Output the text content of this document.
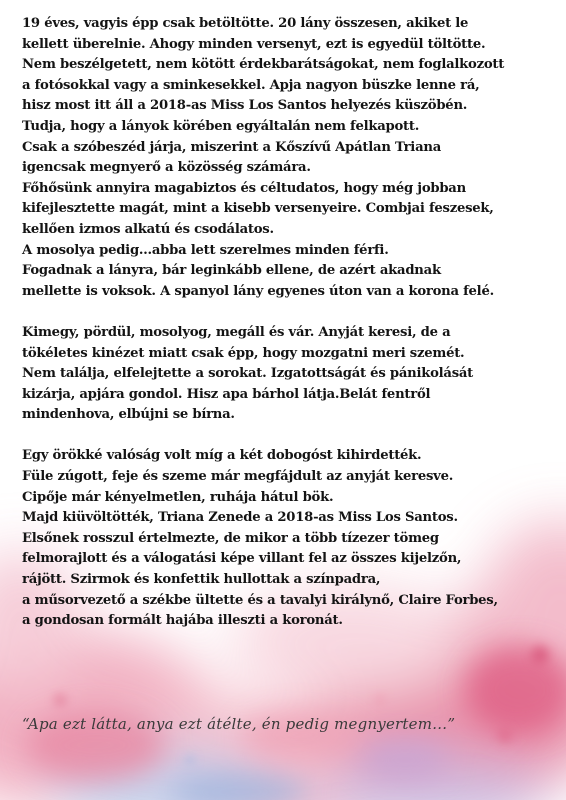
19 éves, vagyis épp csak betöltötte. 20 lány összesen, akiket le
kellett überelnie. Ahogy minden versenyt, ezt is egyedül töltötte.
Nem beszélgetett, nem kötött érdekbarátságokat, nem foglalkozott
a fotósokkal vagy a sminkesekkel. Apja nagyon büszke lenne rá,
hisz most itt áll a 2018-as Miss Los Santos helyezés küszöbén.
Tudja, hogy a lányok körében egyáltalán nem felkapott.
Csak a szóbeszéd járja, miszerint a Kőszívű Apátlan Triana
igencsak megnyerő a közösség számára.
Főhősünk annyira magabiztos és céltudatos, hogy még jobban
kifejlesztette magát, mint a kisebb versenyeire. Combjai feszesek,
kellően izmos alkatú és csodálatos.
A mosolya pedig…abba lett szerelmes minden férfi.
Fogadnak a lányra, bár leginkább ellene, de azért akadnak
mellette is voksok. A spanyol lány egyenes úton van a korona felé.
Kimegy, pördül, mosolyog, megáll és vár. Anyját keresi, de a
tökéletes kinézet miatt csak épp, hogy mozgatni meri szemét.
Nem találja, elfelejtette a sorokat. Izgatottságát és pánikolását
kizárja, apjára gondol. Hisz apa bárhol látja.Belát fentről
mindenhova, elbújni se bírna.
Egy örökké valóság volt míg a két dobogóst kihirdették.
Füle zúgott, feje és szeme már megfájdult az anyját keresve.
Cipője már kényelmetlen, ruhája hátul bök.
Majd kiüvöltötték, Triana Zenede a 2018-as Miss Los Santos.
Elsőnek rosszul értelmezte, de mikor a több tízezer tömeg
felmorajlott és a válogatási képe villant fel az összes kijelzőn,
rájött. Szirmok és konfettik hullottak a színpadra,
a műsorvezető a székbe ültette és a tavalyi királynő, Claire Forbes,
a gondosan formált hajába illeszti a koronát.

“Apa ezt látta, anya ezt átélte, én pedig megnyertem…”
